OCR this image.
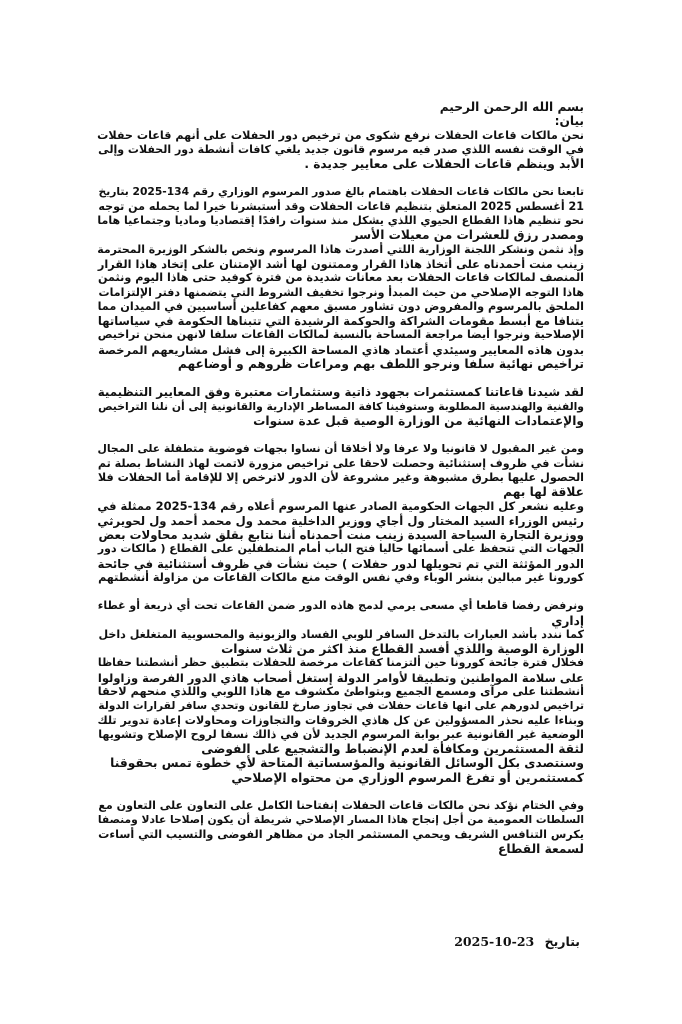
بسم الله الرحمن الرحيم
بيان:
نحن مالكات قاعات الحفلات نرفع شكوى من ترخيص دور الحفلات على أنهم قاعات حفلات
في الوقت نفسه اللذي صدر فيه مرسوم قانون جديد يلغي كافات أنشطة دور الحفلات وإلى
الأبد وينظم قاعات الحفلات على معايير جديدة .
تابعنا نحن مالكات قاعات الحفلات باهتمام بالغ صدور المرسوم الوزاري رقم 134-2025 بتاريخ
21 أغسطس 2025 المتعلق بتنظيم قاعات الحفلات وقد أستبشرنا خيرا لما يحمله من توجه
نحو تنظيم هاذا القطاع الحيوي اللذي يشكل منذ سنوات رافدًا إقتصاديا وماديا وجتماعيا هاما
ومصدر رزق للعشرات من معيلات الأسر
وإذ نثمن ونشكر اللجنة الوزارية اللتي أصدرت هاذا المرسوم ونخص بالشكر الوزيرة المحترمة
زينب منت أحمدناه على أتخاذ هاذا القرار وممتنون لها أشد الإمتنان على إتخاد هاذا القرار
المنصف لمالكات قاعات الحفلات بعد معانات شديدة من فترة كوفيد حتى هاذا اليوم ونثمن
هاذا التوجه الإصلاحي من حيث المبدأ ونرجوا تخفيف الشروط التي يتضمنها دفتر الإلتزامات
الملحق بالمرسوم والمفروض دون تشاور مسبق معهم كفاعلين أساسيين في الميدان مما
يتنافا مع أبسط مقومات الشراكة والحوكمة الرشيدة التي تتبناها الحكومة في سياساتها
الإصلاحية ونرجوا أيضا مراجعة المساحة بالنسبة لمالكات القاعات سلفا لانهن منحن تراخيص
بدون هاذه المعايير وسيئدي أعتماد هاذي المساحة الكبيرة إلى فشل مشاريعهم المرخصة
تراخيص نهائية سلفا ونرجو اللطف بهم ومراعات ظروهم و أوضاعهم
لقد شيدنا قاعاتنا كمستثمرات بجهود ذاتية وستثمارات معتبرة وفق المعايير التنظيمية
والفنية والهندسية المطلوبة وستوفينا كافة المساطر الإدارية والقانونية إلى أن نلنا التراخيص
والإعتمادات النهائية من الوزارة الوصية قبل عدة سنوات
ومن غير المقبول لا قانونيا ولا عرفا ولا أخلاقا أن نساوا بجهات فوضوية متطفلة على المجال
نشأت في ظروف إستثنائية وحصلت لاحقا على تراخيص مزورة لاتمت لهاذ النشاط بصلة تم
الحصول عليها بطرق مشبوهة وغير مشروعة لأن الدور لاترخص إلا للإقامة أما الحفلات فلا
علاقة لها بهم
وعليه نشعر كل الجهات الحكومية الصادر عنها المرسوم أعلاه رقم 134-2025 ممثلة في
رئيس الوزراء السيد المختار ول أجاي ووزير الداخلية محمد ول محمد أحمد ول لحويرثي
ووزيرة التجارة السياحة السيدة زينب منت أحمدناه أننا نتابع بقلق شديد محاولات بعض
الجهات التي تتحفظ على أسمائها حاليا فتح الباب أمام المتطفلين على القطاع ( مالكات دور
الدور المؤثثة التي تم تحويلها لدور حفلات ) حيث نشأت في ظروف أستثنائية في جائحة
كورونا غير مبالين بنشر الوباء وفي نفس الوقت منع مالكات القاعات من مزاولة أنشطتهم
ونرفض رفضا قاطعا أي مسعى يرمي لدمج هاذه الدور ضمن القاعات تحت أي ذريعة أو غطاء
إداري
كما نندد بأشد العبارات بالتدخل السافر للوبي الفساد والزبونية والمحسوبية المتغلغل داخل
الوزارة الوصية واللذي أفسد القطاع منذ اكثر من ثلاث سنوات
فخلال فترة جائحة كورونا حين ألتزمنا كقاعات مرخصة للحفلات بتطبيق حظر أنشطتنا حفاظا
على سلامة المواطنين وتطبيقا لأوامر الدولة إستغل أصحاب هاذي الدور الفرصة وزاولوا
أنشطتنا على مرآى ومسمع الجميع وبتواطئ مكشوف مع هاذا اللوبي واللذي منحهم لاحقا
تراخيص لدورهم على انها قاعات حفلات في تجاوز صارخ للقانون وتحدي سافر لقرارات الدولة
وبناءا عليه نحذر المسؤولين عن كل هاذي الخروقات والتجاوزات ومحاولات إعادة تدوير تلك
الوضعية غير القانونية عبر بوابة المرسوم الجديد لأن في ذالك نسفا لروح الإصلاح وتشويها
لثقة المستثمرين ومكافأة لعدم الإنضباط والتشجيع على الفوضى
وسنتصدى بكل الوسائل القانونية والمؤسساتية المتاحة لأي خطوة تمس بحقوقنا
كمستثمرين أو تفرغ المرسوم الوزاري من محتواه الإصلاحي
وفي الختام نؤكد نحن مالكات قاعات الحفلات إنفتاحنا الكامل على التعاون على التعاون مع
السلطات العمومية من أجل إنجاح هاذا المسار الإصلاحي شريطة أن يكون إصلاحا عادلا ومنصفا
يكرس التنافس الشريف ويحمي المستثمر الجاد من مظاهر الفوضى والتسيب التي أساءت
لسمعة القطاع
بتاريخ 23-10-2025
